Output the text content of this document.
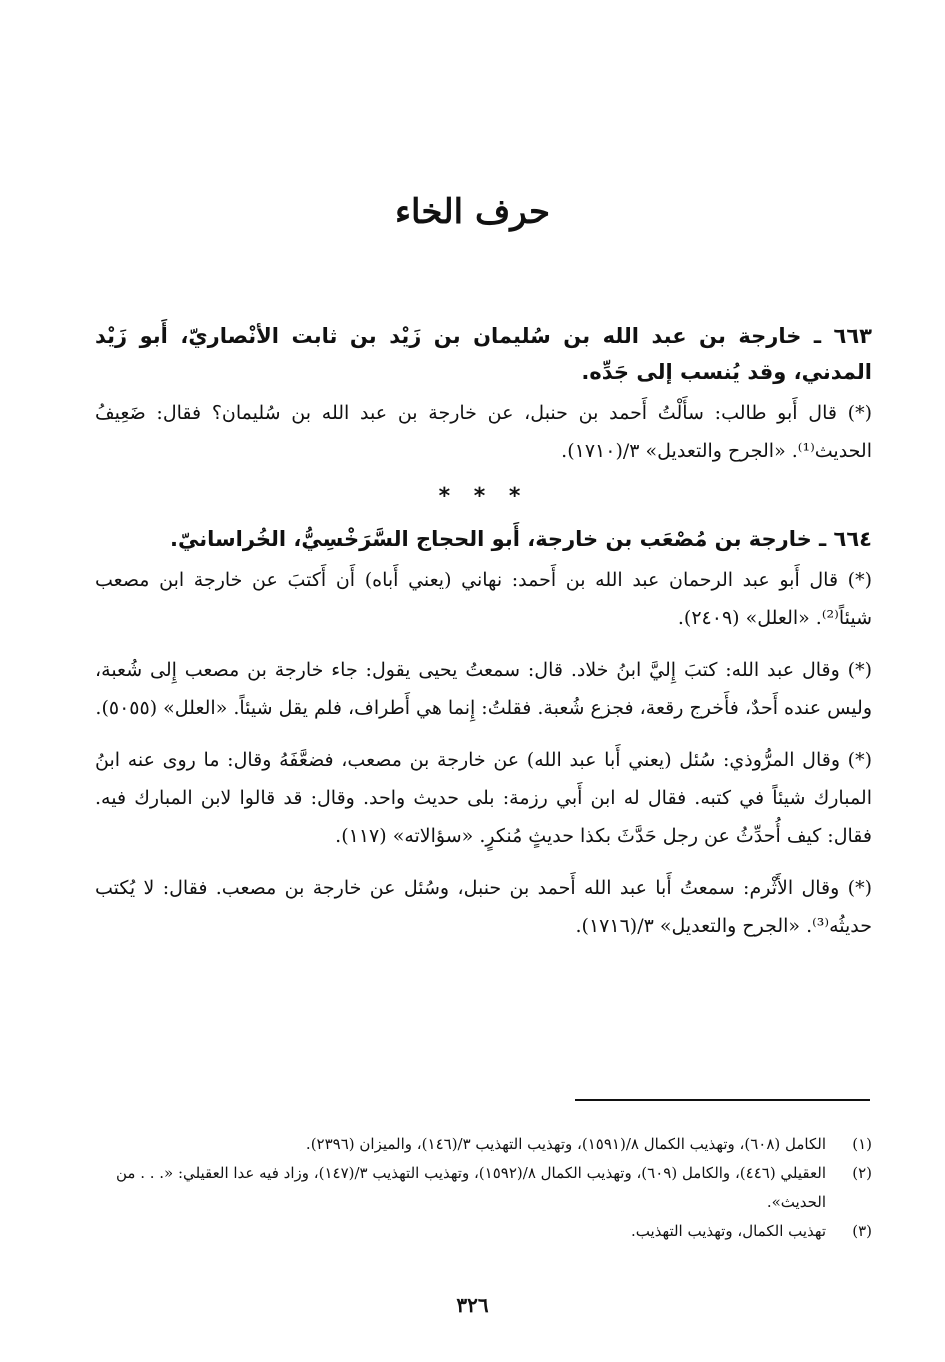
حرف الخاء
٦٦٣ ـ خارجة بن عبد الله بن سُليمان بن زَيْد بن ثابت الأنْصاريّ، أَبو زَيْد المدني، وقد يُنسب إلى جَدِّه.

(*) قال أَبو طالب: سأَلْتُ أَحمد بن حنبل، عن خارجة بن عبد الله بن سُليمان؟ فقال: ضَعِيفُ الحديث⁽¹⁾. «الجرح والتعديل» ٣/(١٧١٠).

* * *
٦٦٤ ـ خارجة بن مُصْعَب بن خارجة، أَبو الحجاج السَّرَخْسِيُّ، الخُراسانيّ.

(*) قال أَبو عبد الرحمان عبد الله بن أَحمد: نهاني (يعني أَباه) أَن أَكتبَ عن خارجة ابن مصعب شيئاً⁽²⁾. «العلل» (٢٤٠٩).

(*) وقال عبد الله: كتبَ إِليَّ ابنُ خلاد. قال: سمعتُ يحيى يقول: جاء خارجة بن مصعب إِلى شُعبة، وليس عنده أَحدٌ، فأَخرج رقعة، فجزع شُعبة. فقلتُ: إِنما هي أَطراف، فلم يقل شيئاً. «العلل» (٥٠٥٥).

(*) وقال المرُّوذي: سُئل (يعني أَبا عبد الله) عن خارجة بن مصعب، فضعَّفَهُ وقال: ما روى عنه ابنُ المبارك شيئاً في كتبه. فقال له ابن أَبي رزمة: بلى حديث واحد. وقال: قد قالوا لابن المبارك فيه. فقال: كيف أُحدِّثُ عن رجل حَدَّثَ بكذا حديثٍ مُنكرٍ. «سؤالاته» (١١٧).

(*) وقال الأَثْرم: سمعتُ أَبا عبد الله أَحمد بن حنبل، وسُئل عن خارجة بن مصعب. فقال: لا يُكتب حديثُه⁽³⁾. «الجرح والتعديل» ٣/(١٧١٦).

(١)
الكامل (٦٠٨)، وتهذيب الكمال ٨/(١٥٩١)، وتهذيب التهذيب ٣/(١٤٦)، والميزان (٢٣٩٦).
(٢)
العقيلي (٤٤٦)، والكامل (٦٠٩)، وتهذيب الكمال ٨/(١٥٩٢)، وتهذيب التهذيب ٣/(١٤٧)، وزاد فيه عدا العقيلي: «. . . من الحديث».
(٣)
تهذيب الكمال، وتهذيب التهذيب.
٣٢٦
